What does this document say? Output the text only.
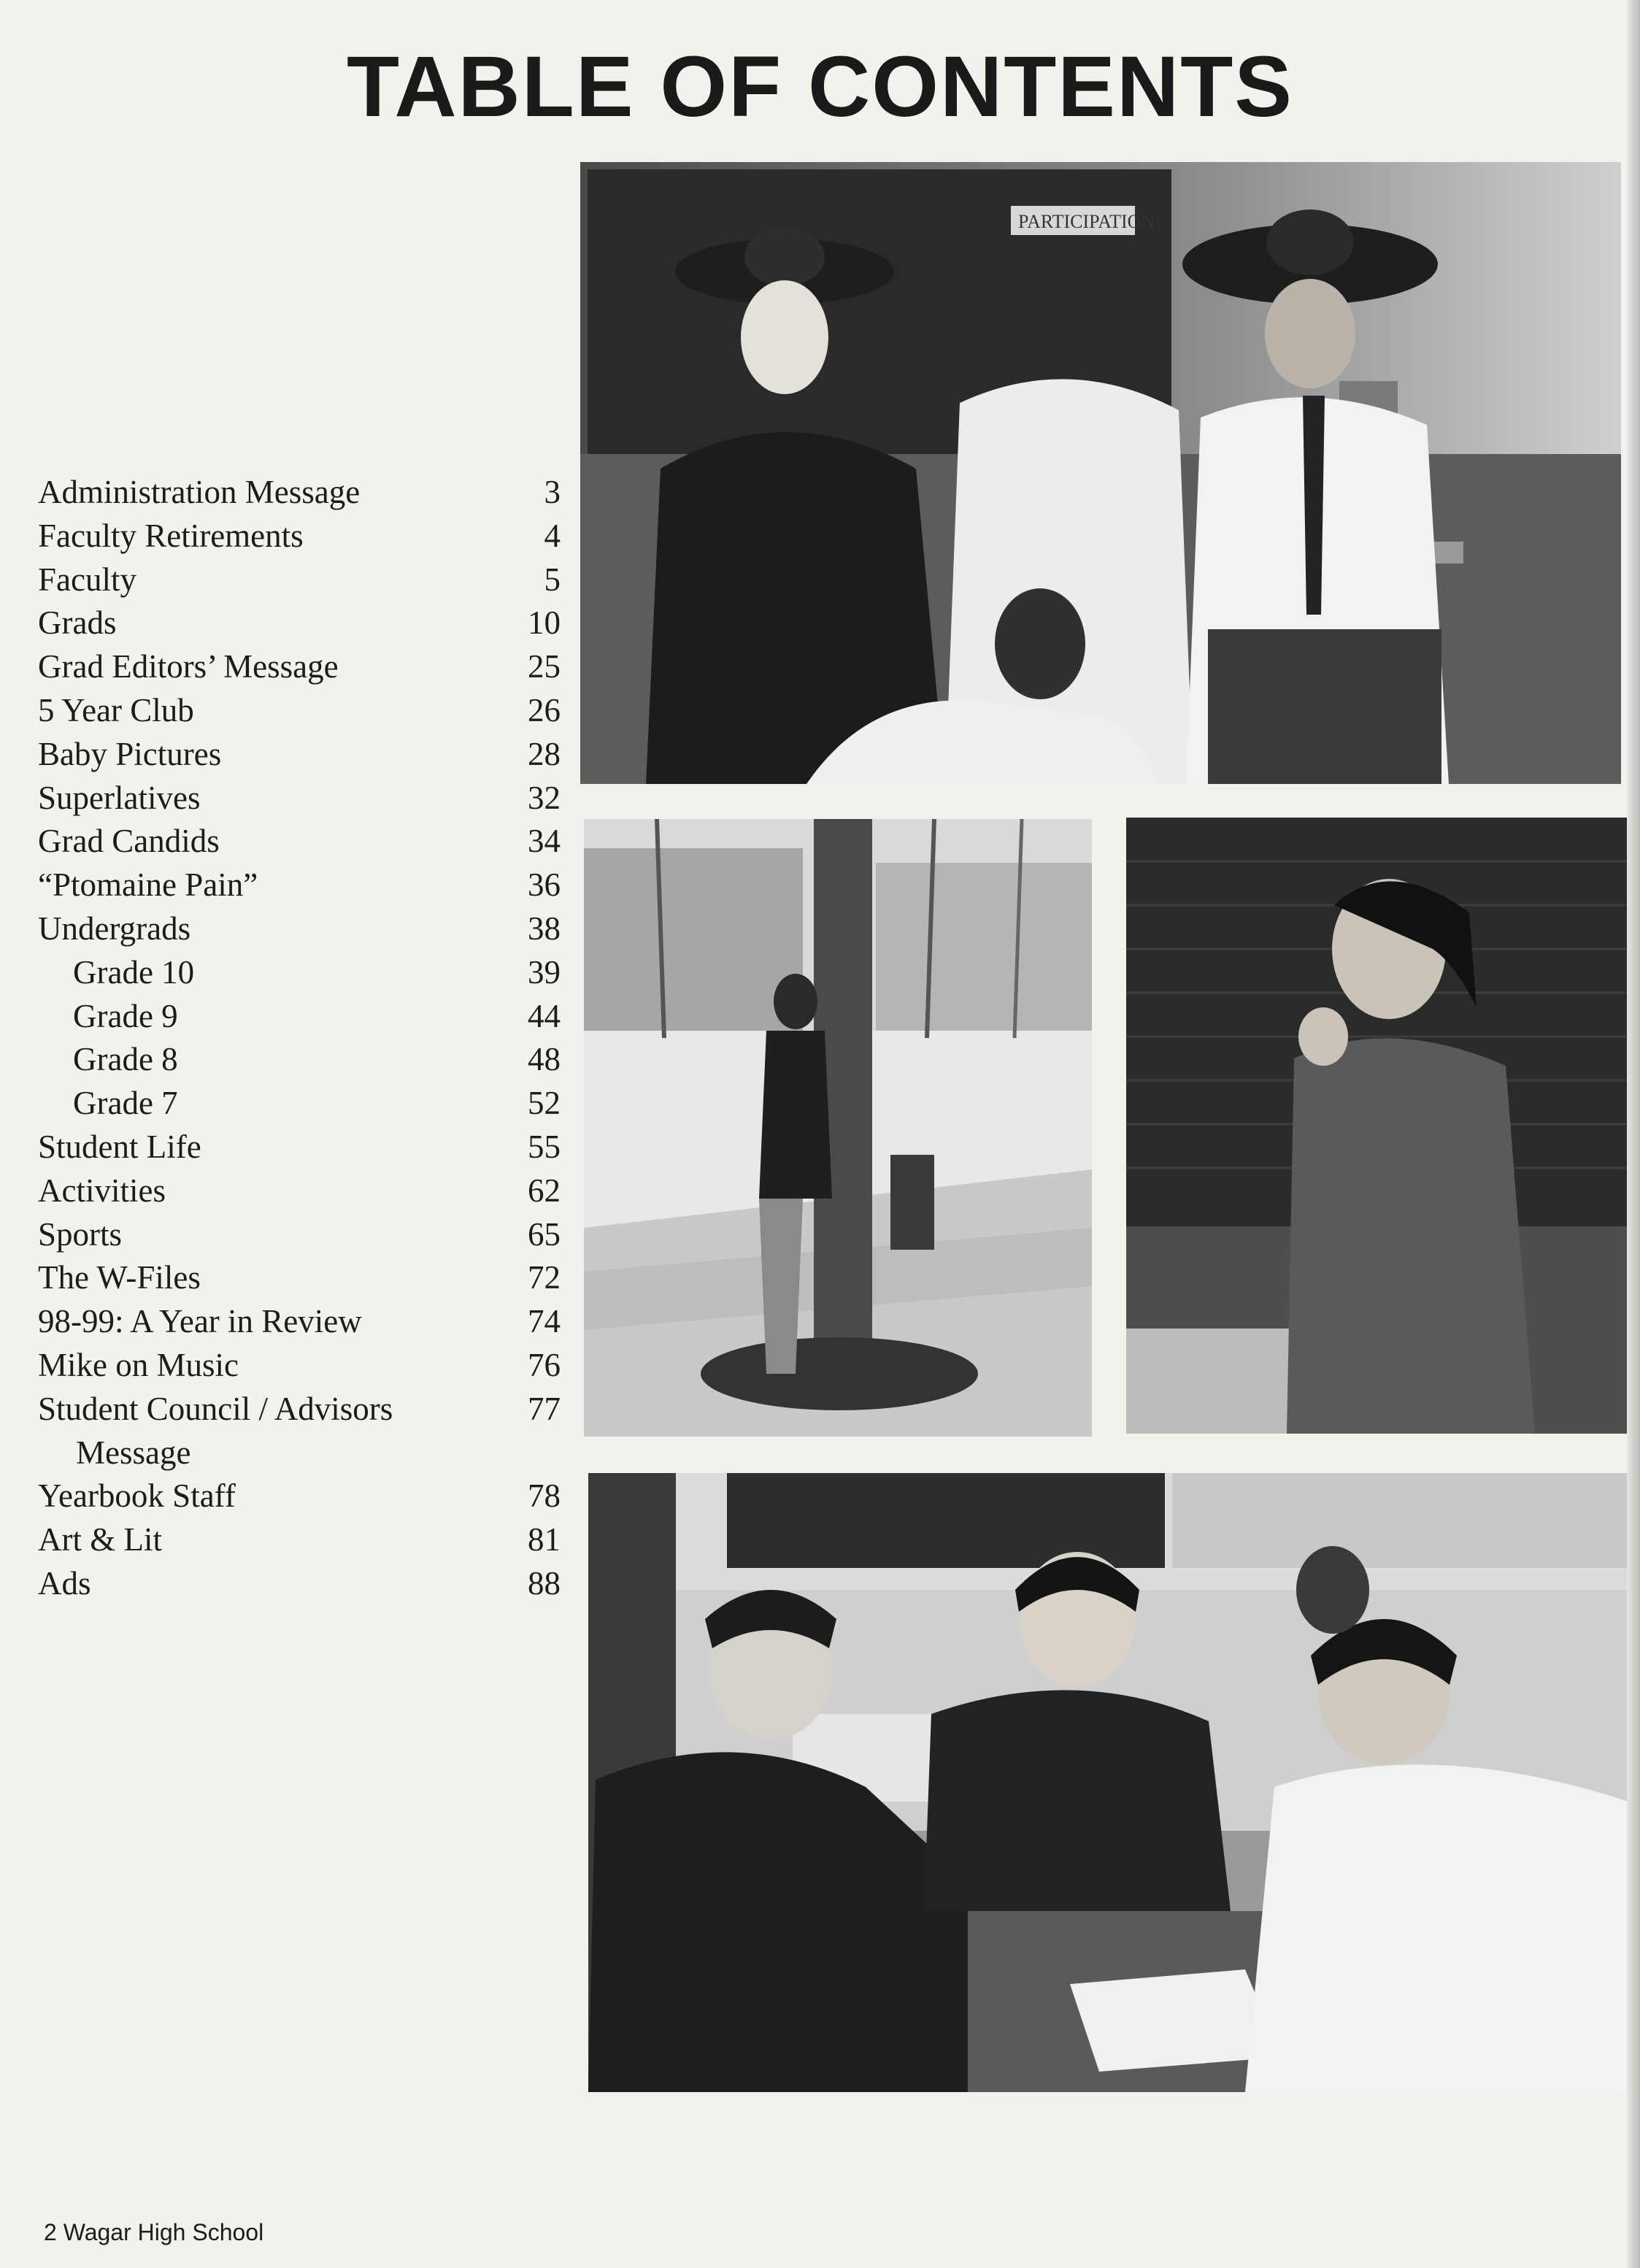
TABLE OF CONTENTS
Administration Message	3
Faculty Retirements	4
Faculty	5
Grads	10
Grad Editors’ Message	25
5 Year Club	26
Baby Pictures	28
Superlatives	32
Grad Candids	34
“Ptomaine Pain”	36
Undergrads	38
Grade 10	39
Grade 9	44
Grade 8	48
Grade 7	52
Student Life	55
Activities	62
Sports	65
The W-Files	72
98-99: A Year in Review	74
Mike on Music	76
Student Council / Advisors	77
Message
Yearbook Staff	78
Art & Lit	81
Ads	88
PARTICIPATION
2 Wagar High School
